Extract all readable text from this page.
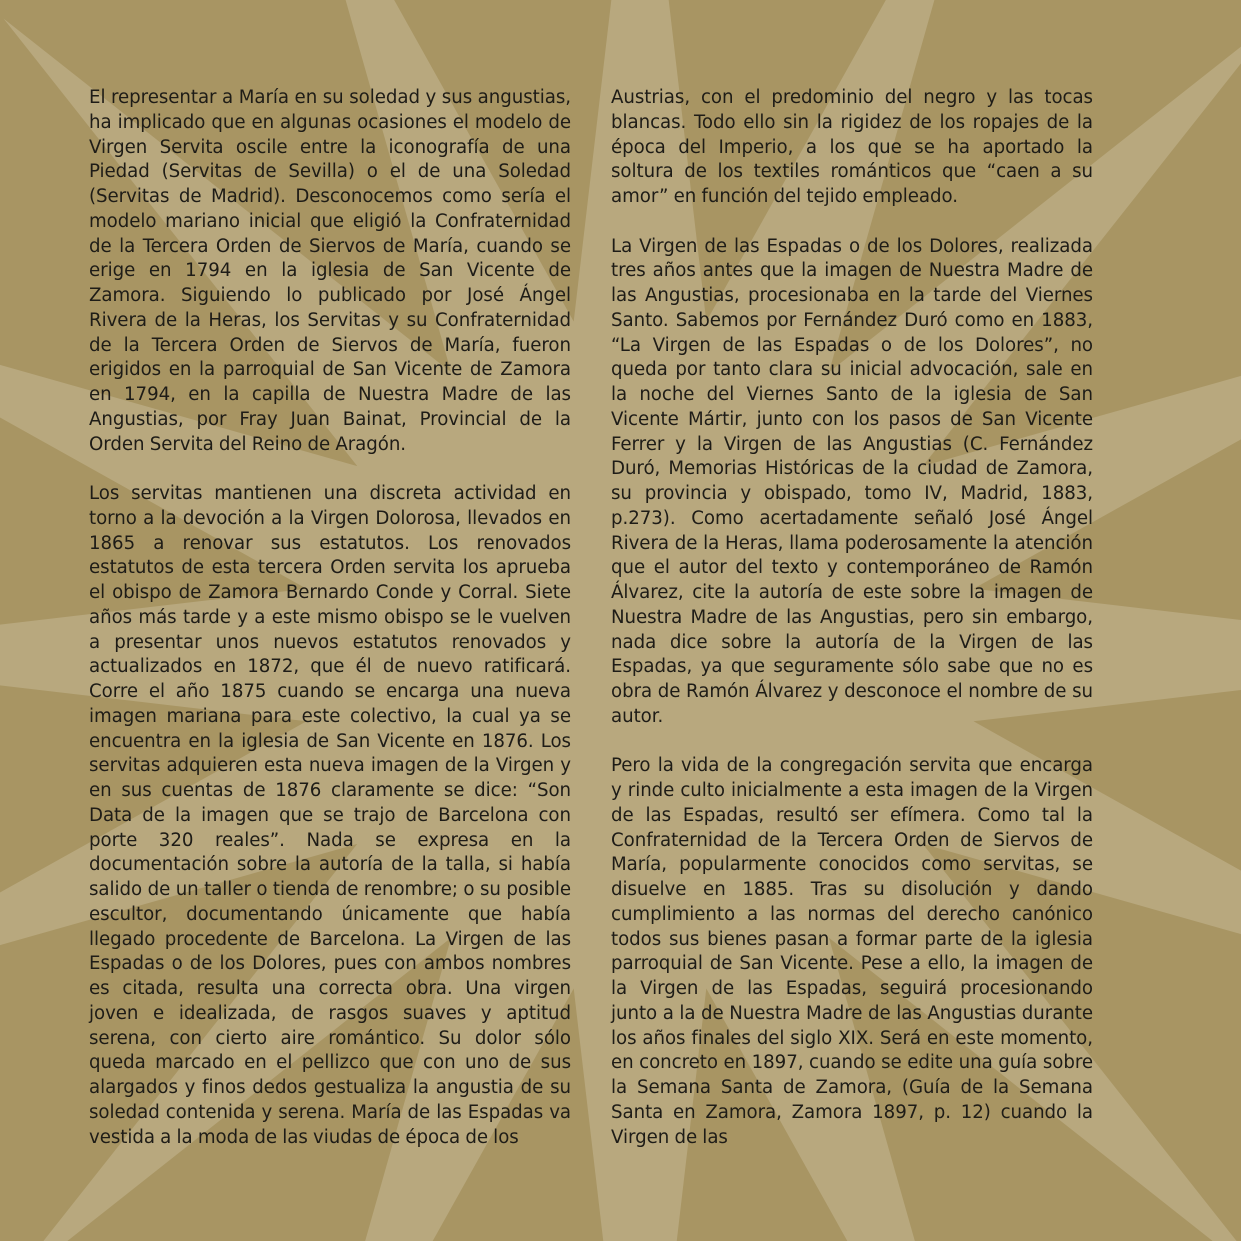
El representar a María en su soledad y sus angustias, ha implicado que en algunas ocasiones el modelo de Virgen Servita oscile entre la iconografía de una Piedad (Servitas de Sevilla) o el de una Soledad (Servitas de Madrid). Desconocemos como sería el modelo mariano inicial que eligió la Confraternidad de la Tercera Orden de Siervos de María, cuando se erige en 1794 en la iglesia de San Vicente de Zamora. Siguiendo lo publicado por José Ángel Rivera de la Heras, los Servitas y su Confraternidad de la Tercera Orden de Siervos de María, fueron erigidos en la parroquial de San Vicente de Zamora en 1794, en la capilla de Nuestra Madre de las Angustias, por Fray Juan Bainat, Provincial de la Orden Servita del Reino de Aragón.

Los servitas mantienen una discreta actividad en torno a la devoción a la Virgen Dolorosa, llevados en 1865 a renovar sus estatutos. Los renovados estatutos de esta tercera Orden servita los aprueba el obispo de Zamora Bernardo Conde y Corral. Siete años más tarde y a este mismo obispo se le vuelven a presentar unos nuevos estatutos renovados y actualizados en 1872, que él de nuevo ratificará. Corre el año 1875 cuando se encarga una nueva imagen mariana para este colectivo, la cual ya se encuentra en la iglesia de San Vicente en 1876. Los servitas adquieren esta nueva imagen de la Virgen y en sus cuentas de 1876 claramente se dice: “Son Data de la imagen que se trajo de Barcelona con porte 320 reales”. Nada se expresa en la documentación sobre la autoría de la talla, si había salido de un taller o tienda de renombre; o su posible escultor, documentando únicamente que había llegado procedente de Barcelona. La Virgen de las Espadas o de los Dolores, pues con ambos nombres es citada, resulta una correcta obra. Una virgen joven e idealizada, de rasgos suaves y aptitud serena, con cierto aire romántico. Su dolor sólo queda marcado en el pellizco que con uno de sus alargados y finos dedos gestualiza la angustia de su soledad contenida y serena. María de las Espadas va vestida a la moda de las viudas de época de los

Austrias, con el predominio del negro y las tocas blancas. Todo ello sin la rigidez de los ropajes de la época del Imperio, a los que se ha aportado la soltura de los textiles románticos que “caen a su amor” en función del tejido empleado.

La Virgen de las Espadas o de los Dolores, realizada tres años antes que la imagen de Nuestra Madre de las Angustias, procesionaba en la tarde del Viernes Santo. Sabemos por Fernández Duró como en 1883, “La Virgen de las Espadas o de los Dolores”, no queda por tanto clara su inicial advocación, sale en la noche del Viernes Santo de la iglesia de San Vicente Mártir, junto con los pasos de San Vicente Ferrer y la Virgen de las Angustias (C. Fernández Duró, Memorias Históricas de la ciudad de Zamora, su provincia y obispado, tomo IV, Madrid, 1883, p.273). Como acertadamente señaló José Ángel Rivera de la Heras, llama poderosamente la atención que el autor del texto y contemporáneo de Ramón Álvarez, cite la autoría de este sobre la imagen de Nuestra Madre de las Angustias, pero sin embargo, nada dice sobre la autoría de la Virgen de las Espadas, ya que seguramente sólo sabe que no es obra de Ramón Álvarez y desconoce el nombre de su autor.

Pero la vida de la congregación servita que encarga y rinde culto inicialmente a esta imagen de la Virgen de las Espadas, resultó ser efímera. Como tal la Confraternidad de la Tercera Orden de Siervos de María, popularmente conocidos como servitas, se disuelve en 1885. Tras su disolución y dando cumplimiento a las normas del derecho canónico todos sus bienes pasan a formar parte de la iglesia parroquial de San Vicente. Pese a ello, la imagen de la Virgen de las Espadas, seguirá procesionando junto a la de Nuestra Madre de las Angustias durante los años finales del siglo XIX. Será en este momento, en concreto en 1897, cuando se edite una guía sobre la Semana Santa de Zamora, (Guía de la Semana Santa en Zamora, Zamora 1897, p. 12) cuando la Virgen de las
